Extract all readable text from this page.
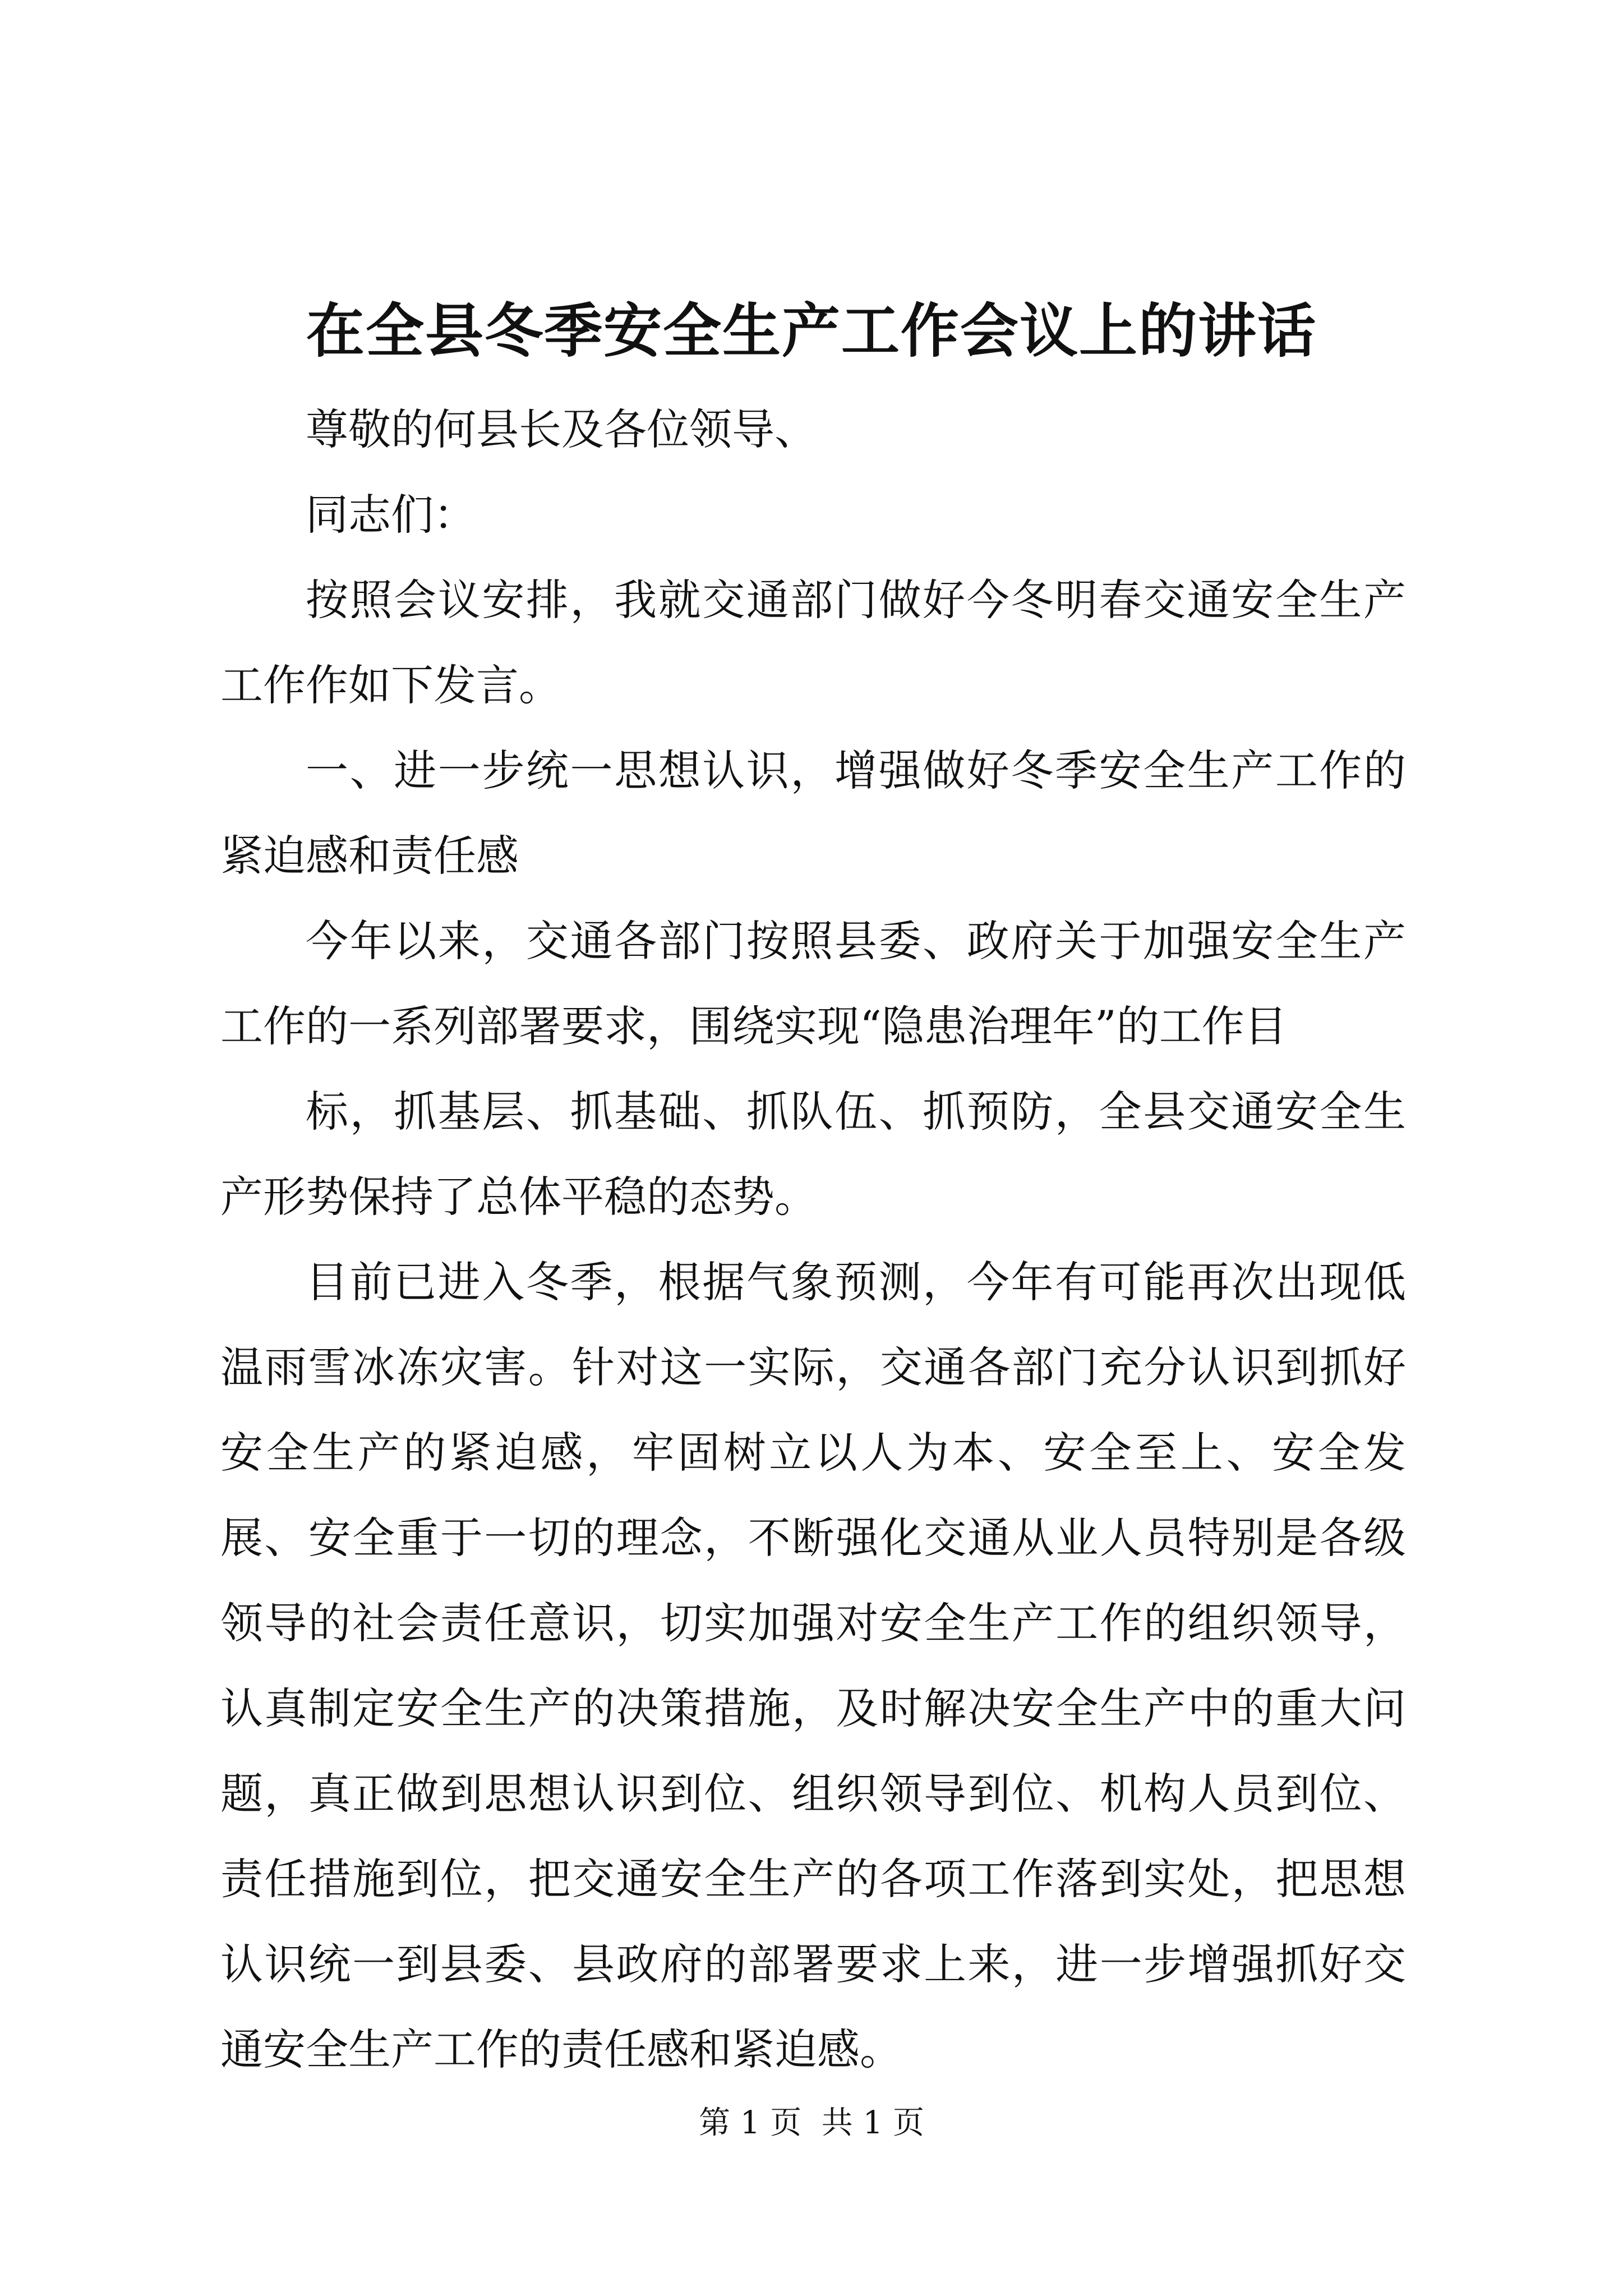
在全县冬季安全生产工作会议上的讲话

尊敬的何县长及各位领导、

同志们：

按照会议安排，我就交通部门做好今冬明春交通安全生产工作作如下发言。

一、进一步统一思想认识，增强做好冬季安全生产工作的紧迫感和责任感

今年以来，交通各部门按照县委、政府关于加强安全生产工作的一系列部署要求，围绕实现“隐患治理年”的工作目

标，抓基层、抓基础、抓队伍、抓预防，全县交通安全生产形势保持了总体平稳的态势。

目前已进入冬季，根据气象预测，今年有可能再次出现低温雨雪冰冻灾害。针对这一实际，交通各部门充分认识到抓好安全生产的紧迫感，牢固树立以人为本、安全至上、安全发展、安全重于一切的理念，不断强化交通从业人员特别是各级领导的社会责任意识，切实加强对安全生产工作的组织领导，认真制定安全生产的决策措施，及时解决安全生产中的重大问题，真正做到思想认识到位、组织领导到位、机构人员到位、责任措施到位，把交通安全生产的各项工作落到实处，把思想认识统一到县委、县政府的部署要求上来，进一步增强抓好交通安全生产工作的责任感和紧迫感。

第 1 页  共 1 页
